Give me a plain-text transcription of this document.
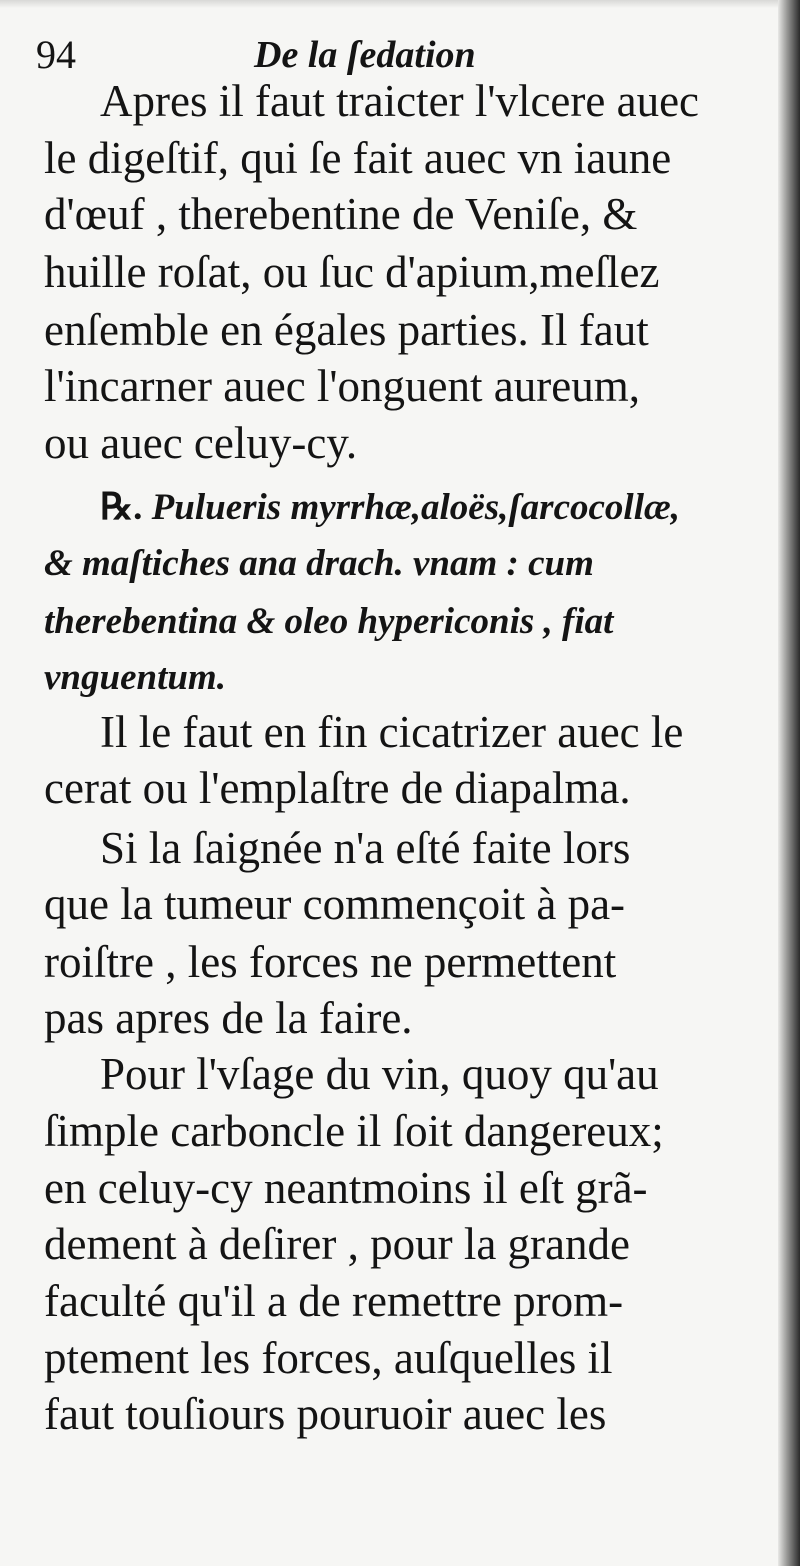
94	De la ſedation
Apres il faut traicter l'vlcere auec
le digeſtif, qui ſe fait auec vn iaune
d'œuf , therebentine de Veniſe, &
huille roſat, ou ſuc d'apium,meſlez
enſemble en égales parties. Il faut
l'incarner auec l'onguent aureum,
ou auec celuy-cy.
℞. Pulueris myrrhæ,aloës,ſarcocollæ,
& maſtiches ana drach. vnam : cum
therebentina & oleo hypericonis , fiat
vnguentum.
Il le faut en fin cicatrizer auec le
cerat ou l'emplaſtre de diapalma.
Si la ſaignée n'a eſté faite lors
que la tumeur commençoit à pa-
roiſtre , les forces ne permettent
pas apres de la faire.
Pour l'vſage du vin, quoy qu'au
ſimple carboncle il ſoit dangereux;
en celuy-cy neantmoins il eſt grã-
dement à deſirer , pour la grande
faculté qu'il a de remettre prom-
ptement les forces, auſquelles il
faut touſiours pouruoir auec les
